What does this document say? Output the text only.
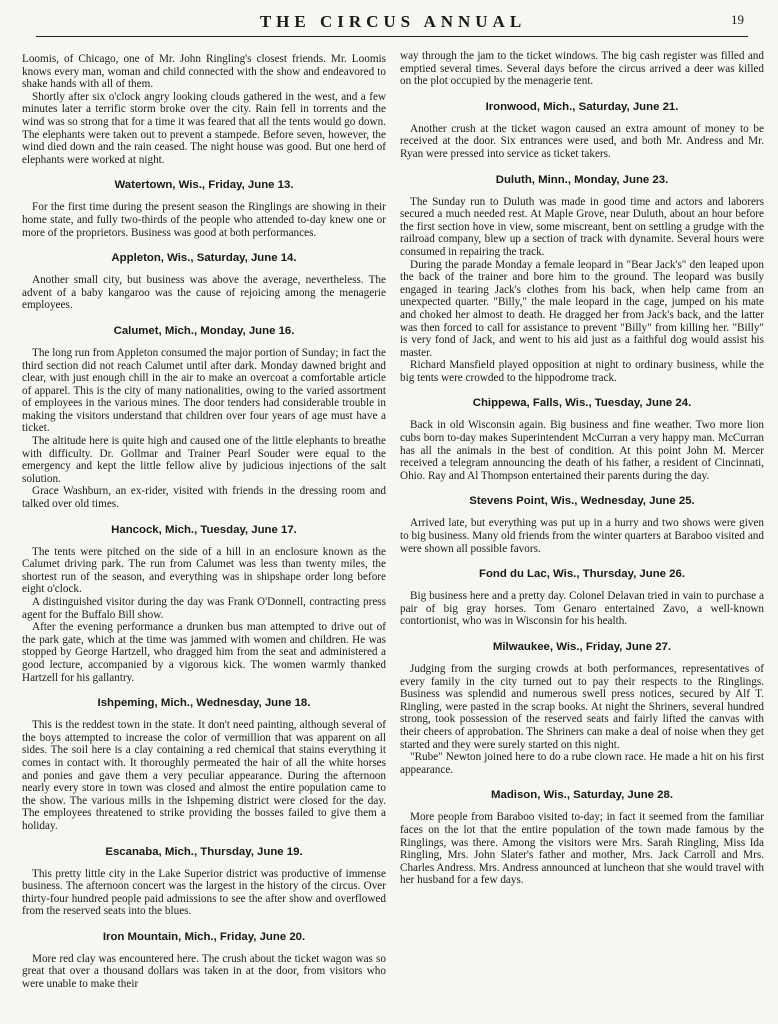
THE CIRCUS ANNUAL	19

Loomis, of Chicago, one of Mr. John Ringling's closest friends. Mr. Loomis knows every man, woman and child connected with the show and endeavored to shake hands with all of them.

Shortly after six o'clock angry looking clouds gathered in the west, and a few minutes later a terrific storm broke over the city. Rain fell in torrents and the wind was so strong that for a time it was feared that all the tents would go down. The elephants were taken out to prevent a stampede. Before seven, however, the wind died down and the rain ceased. The night house was good. But one herd of elephants were worked at night.

Watertown, Wis., Friday, June 13.

For the first time during the present season the Ringlings are showing in their home state, and fully two-thirds of the people who attended to-day knew one or more of the proprietors. Business was good at both performances.

Appleton, Wis., Saturday, June 14.

Another small city, but business was above the average, nevertheless. The advent of a baby kangaroo was the cause of rejoicing among the menagerie employees.

Calumet, Mich., Monday, June 16.

The long run from Appleton consumed the major portion of Sunday; in fact the third section did not reach Calumet until after dark. Monday dawned bright and clear, with just enough chill in the air to make an overcoat a comfortable article of apparel. This is the city of many nationalities, owing to the varied assortment of employees in the various mines. The door tenders had considerable trouble in making the visitors understand that children over four years of age must have a ticket.

The altitude here is quite high and caused one of the little elephants to breathe with difficulty. Dr. Gollmar and Trainer Pearl Souder were equal to the emergency and kept the little fellow alive by judicious injections of the salt solution.

Grace Washburn, an ex-rider, visited with friends in the dressing room and talked over old times.

Hancock, Mich., Tuesday, June 17.

The tents were pitched on the side of a hill in an enclosure known as the Calumet driving park. The run from Calumet was less than twenty miles, the shortest run of the season, and everything was in shipshape order long before eight o'clock.

A distinguished visitor during the day was Frank O'Donnell, contracting press agent for the Buffalo Bill show.

After the evening performance a drunken bus man attempted to drive out of the park gate, which at the time was jammed with women and children. He was stopped by George Hartzell, who dragged him from the seat and administered a good lecture, accompanied by a vigorous kick. The women warmly thanked Hartzell for his gallantry.

Ishpeming, Mich., Wednesday, June 18.

This is the reddest town in the state. It don't need painting, although several of the boys attempted to increase the color of vermillion that was apparent on all sides. The soil here is a clay containing a red chemical that stains everything it comes in contact with. It thoroughly permeated the hair of all the white horses and ponies and gave them a very peculiar appearance. During the afternoon nearly every store in town was closed and almost the entire population came to the show. The various mills in the Ishpeming district were closed for the day. The employees threatened to strike providing the bosses failed to give them a holiday.

Escanaba, Mich., Thursday, June 19.

This pretty little city in the Lake Superior district was productive of immense business. The afternoon concert was the largest in the history of the circus. Over thirty-four hundred people paid admissions to see the after show and overflowed from the reserved seats into the blues.

Iron Mountain, Mich., Friday, June 20.

More red clay was encountered here. The crush about the ticket wagon was so great that over a thousand dollars was taken in at the door, from visitors who were unable to make their

way through the jam to the ticket windows. The big cash register was filled and emptied several times. Several days before the circus arrived a deer was killed on the plot occupied by the menagerie tent.

Ironwood, Mich., Saturday, June 21.

Another crush at the ticket wagon caused an extra amount of money to be received at the door. Six entrances were used, and both Mr. Andress and Mr. Ryan were pressed into service as ticket takers.

Duluth, Minn., Monday, June 23.

The Sunday run to Duluth was made in good time and actors and laborers secured a much needed rest. At Maple Grove, near Duluth, about an hour before the first section hove in view, some miscreant, bent on settling a grudge with the railroad company, blew up a section of track with dynamite. Several hours were consumed in repairing the track.

During the parade Monday a female leopard in "Bear Jack's" den leaped upon the back of the trainer and bore him to the ground. The leopard was busily engaged in tearing Jack's clothes from his back, when help came from an unexpected quarter. "Billy," the male leopard in the cage, jumped on his mate and choked her almost to death. He dragged her from Jack's back, and the latter was then forced to call for assistance to prevent "Billy" from killing her. "Billy" is very fond of Jack, and went to his aid just as a faithful dog would assist his master.

Richard Mansfield played opposition at night to ordinary business, while the big tents were crowded to the hippodrome track.

Chippewa, Falls, Wis., Tuesday, June 24.

Back in old Wisconsin again. Big business and fine weather. Two more lion cubs born to-day makes Superintendent McCurran a very happy man. McCurran has all the animals in the best of condition. At this point John M. Mercer received a telegram announcing the death of his father, a resident of Cincinnati, Ohio. Ray and Al Thompson entertained their parents during the day.

Stevens Point, Wis., Wednesday, June 25.

Arrived late, but everything was put up in a hurry and two shows were given to big business. Many old friends from the winter quarters at Baraboo visited and were shown all possible favors.

Fond du Lac, Wis., Thursday, June 26.

Big business here and a pretty day. Colonel Delavan tried in vain to purchase a pair of big gray horses. Tom Genaro entertained Zavo, a well-known contortionist, who was in Wisconsin for his health.

Milwaukee, Wis., Friday, June 27.

Judging from the surging crowds at both performances, representatives of every family in the city turned out to pay their respects to the Ringlings. Business was splendid and numerous swell press notices, secured by Alf T. Ringling, were pasted in the scrap books. At night the Shriners, several hundred strong, took possession of the reserved seats and fairly lifted the canvas with their cheers of approbation. The Shriners can make a deal of noise when they get started and they were surely started on this night.

"Rube" Newton joined here to do a rube clown race. He made a hit on his first appearance.

Madison, Wis., Saturday, June 28.

More people from Baraboo visited to-day; in fact it seemed from the familiar faces on the lot that the entire population of the town made famous by the Ringlings, was there. Among the visitors were Mrs. Sarah Ringling, Miss Ida Ringling, Mrs. John Slater's father and mother, Mrs. Jack Carroll and Mrs. Charles Andress. Mrs. Andress announced at luncheon that she would travel with her husband for a few days.
